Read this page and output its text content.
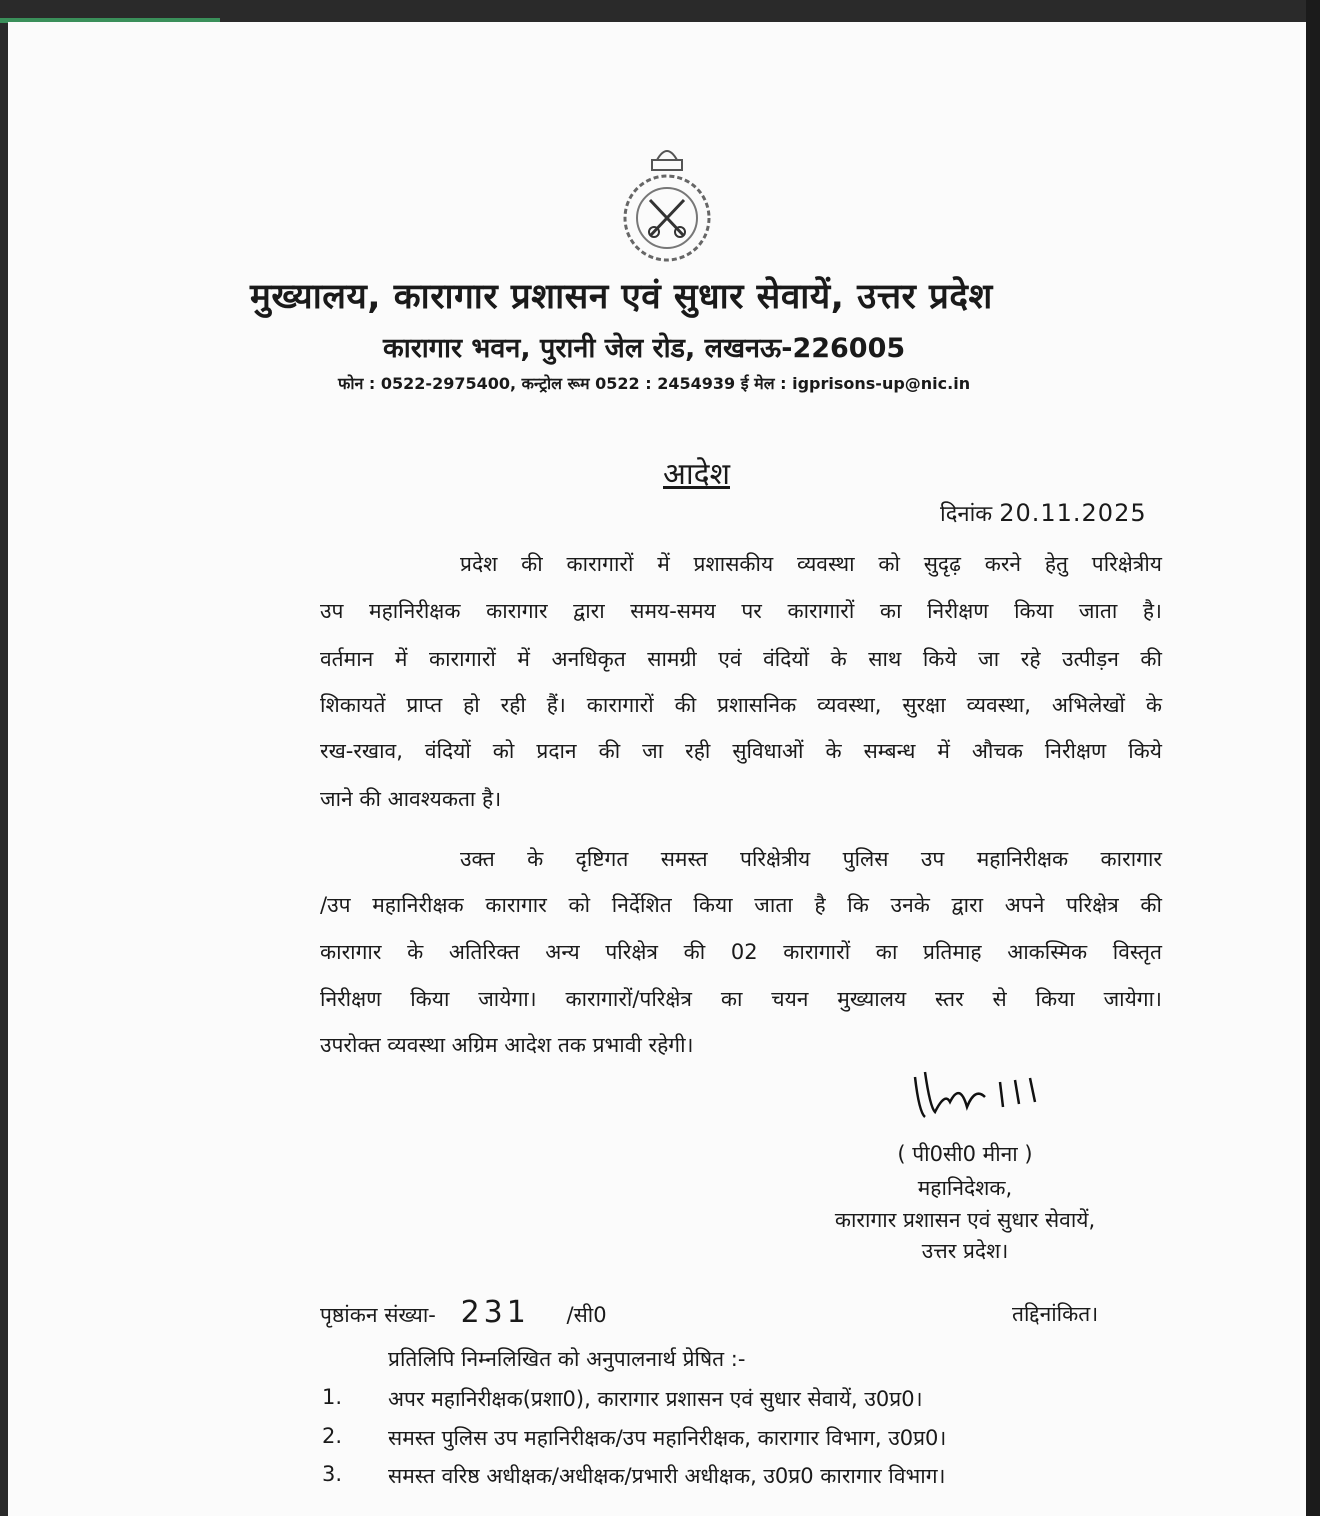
मुख्यालय, कारागार प्रशासन एवं सुधार सेवायें, उत्तर प्रदेश
कारागार भवन, पुरानी जेल रोड, लखनऊ-226005
फोन : 0522-2975400, कन्ट्रोल रूम 0522 : 2454939 ई मेल : igprisons-up@nic.in
आदेश
दिनांक 20.11.2025
प्रदेश की कारागारों में प्रशासकीय व्यवस्था को सुदृढ़ करने हेतु परिक्षेत्रीय
उप महानिरीक्षक कारागार द्वारा समय-समय पर कारागारों का निरीक्षण किया जाता है।
वर्तमान में कारागारों में अनधिकृत सामग्री एवं वंदियों के साथ किये जा रहे उत्पीड़न की
शिकायतें प्राप्त हो रही हैं। कारागारों की प्रशासनिक व्यवस्था, सुरक्षा व्यवस्था, अभिलेखों के
रख-रखाव, वंदियों को प्रदान की जा रही सुविधाओं के सम्बन्ध में औचक निरीक्षण किये
जाने की आवश्यकता है।
उक्त के दृष्टिगत समस्त परिक्षेत्रीय पुलिस उप महानिरीक्षक कारागार
/उप महानिरीक्षक कारागार को निर्देशित किया जाता है कि उनके द्वारा अपने परिक्षेत्र की
कारागार के अतिरिक्त अन्य परिक्षेत्र की 02 कारागारों का प्रतिमाह आकस्मिक विस्तृत
निरीक्षण किया जायेगा। कारागारों/परिक्षेत्र का चयन मुख्यालय स्तर से किया जायेगा।
उपरोक्त व्यवस्था अग्रिम आदेश तक प्रभावी रहेगी।
( पी0सी0 मीना )
महानिदेशक,
कारागार प्रशासन एवं सुधार सेवायें,
उत्तर प्रदेश।
पृष्ठांकन संख्या- 231 /सी0	तद्दिनांकित।
प्रतिलिपि निम्नलिखित को अनुपालनार्थ प्रेषित :-
1. अपर महानिरीक्षक(प्रशा0), कारागार प्रशासन एवं सुधार सेवायें, उ0प्र0।
2. समस्त पुलिस उप महानिरीक्षक/उप महानिरीक्षक, कारागार विभाग, उ0प्र0।
3. समस्त वरिष्ठ अधीक्षक/अधीक्षक/प्रभारी अधीक्षक, उ0प्र0 कारागार विभाग।
